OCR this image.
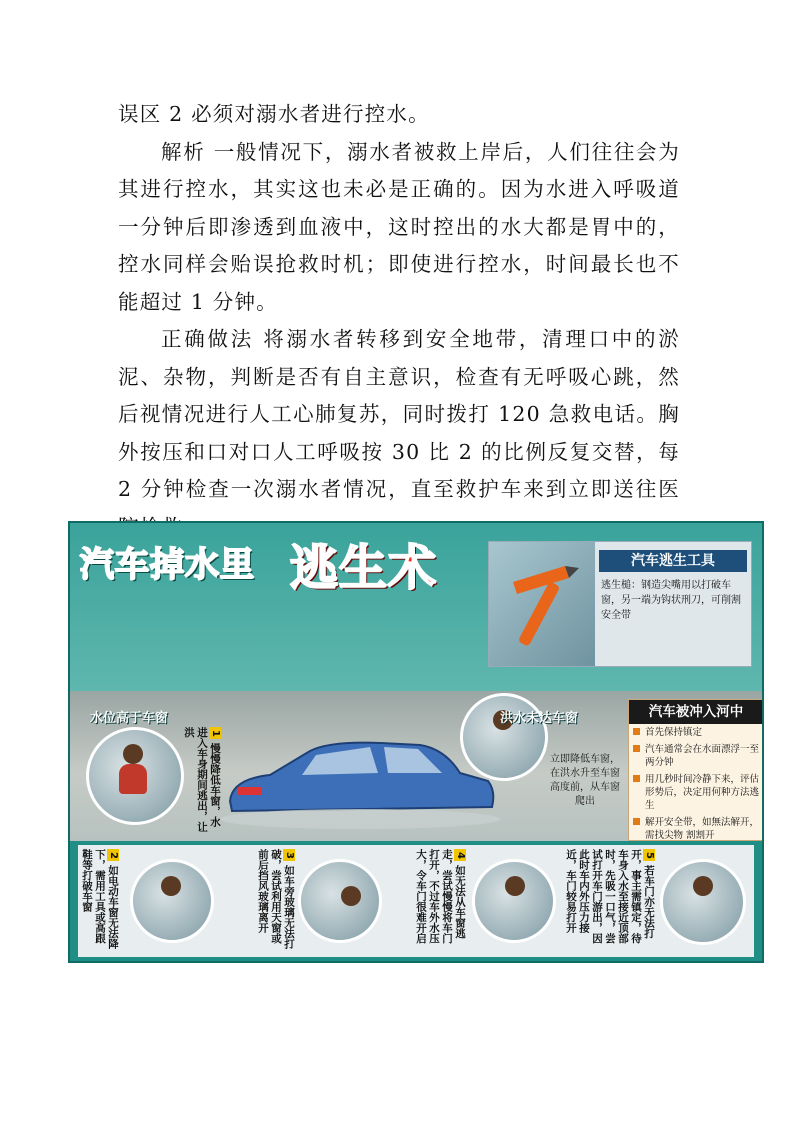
误区 2 必须对溺水者进行控水。

解析 一般情况下，溺水者被救上岸后，人们往往会为其进行控水，其实这也未必是正确的。因为水进入呼吸道一分钟后即渗透到血液中，这时控出的水大都是胃中的，控水同样会贻误抢救时机；即使进行控水，时间最长也不能超过 1 分钟。

正确做法 将溺水者转移到安全地带，清理口中的淤泥、杂物，判断是否有自主意识，检查有无呼吸心跳，然后视情况进行人工心肺复苏，同时拨打 120 急救电话。胸外按压和口对口人工呼吸按 30 比 2 的比例反复交替，每 2 分钟检查一次溺水者情况，直至救护车来到立即送往医

汽车掉水里 逃生术	汽车逃生工具
逃生槌：钢造尖嘴用以打破车窗，另一端为钩状刑刀，可削割安全带
水位高于车窗
1 慢慢降低车窗，水进入车身期间逃出，让洪
洪水未达车窗
立即降低车窗，在洪水升至车窗高度前，从车窗爬出
汽车被冲入河中
首先保持镇定
汽车通常会在水面漂浮一至两分钟
用几秒时间冷静下来，评估形势后，决定用何种方法逃生
解开安全带，如無法解开，需找尖物 割割开
2 如电动车窗无法降下，需用工具或高跟鞋等打破车窗	3 如车旁玻璃无法打破，尝试利用天窗或前后挡风玻璃离开	4 如无法从车窗逃走，尝试慢慢将车门打开，不过车外水压大，令车门很难开启	5 若车门亦无法打开，事主需镇定，待车身入水至接近顶部时，先吸一口气，尝试打开车门游出，因此时车内外压力接近，车门较易打开
